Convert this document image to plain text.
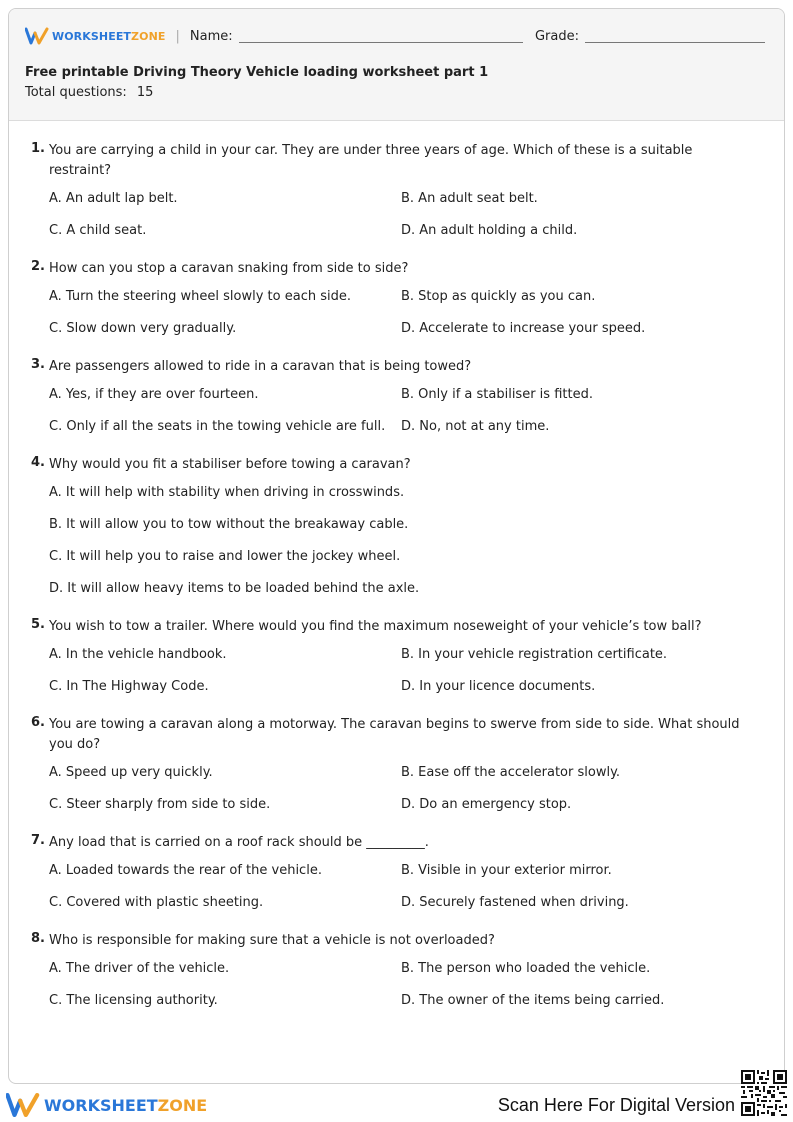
WORKSHEETZONE | Name:	Grade:
Free printable Driving Theory Vehicle loading worksheet part 1
Total questions: 15
1. You are carrying a child in your car. They are under three years of age. Which of these is a suitable restraint?
A. An adult lap belt.	B. An adult seat belt.
C. A child seat.	D. An adult holding a child.
2. How can you stop a caravan snaking from side to side?
A. Turn the steering wheel slowly to each side.	B. Stop as quickly as you can.
C. Slow down very gradually.	D. Accelerate to increase your speed.
3. Are passengers allowed to ride in a caravan that is being towed?
A. Yes, if they are over fourteen.	B. Only if a stabiliser is fitted.
C. Only if all the seats in the towing vehicle are full.	D. No, not at any time.
4. Why would you fit a stabiliser before towing a caravan?
A. It will help with stability when driving in crosswinds.
B. It will allow you to tow without the breakaway cable.
C. It will help you to raise and lower the jockey wheel.
D. It will allow heavy items to be loaded behind the axle.
5. You wish to tow a trailer. Where would you find the maximum noseweight of your vehicle’s tow ball?
A. In the vehicle handbook.	B. In your vehicle registration certificate.
C. In The Highway Code.	D. In your licence documents.
6. You are towing a caravan along a motorway. The caravan begins to swerve from side to side. What should you do?
A. Speed up very quickly.	B. Ease off the accelerator slowly.
C. Steer sharply from side to side.	D. Do an emergency stop.
7. Any load that is carried on a roof rack should be _________.
A. Loaded towards the rear of the vehicle.	B. Visible in your exterior mirror.
C. Covered with plastic sheeting.	D. Securely fastened when driving.
8. Who is responsible for making sure that a vehicle is not overloaded?
A. The driver of the vehicle.	B. The person who loaded the vehicle.
C. The licensing authority.	D. The owner of the items being carried.
WORKSHEETZONE	Scan Here For Digital Version
